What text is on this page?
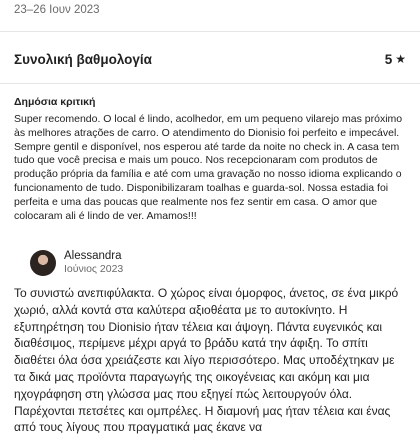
23–26 Ιουν 2023
Συνολική βαθμολογία	5 ★
Δημόσια κριτική

Super recomendo. O local é lindo, acolhedor, em um pequeno vilarejo mas próximo às melhores atrações de carro. O atendimento do Dionisio foi perfeito e impecável. Sempre gentil e disponível, nos esperou até tarde da noite no check in. A casa tem tudo que você precisa e mais um pouco. Nos recepcionaram com produtos de produção própria da família e até com uma gravação no nosso idioma explicando o funcionamento de tudo. Disponibilizaram toalhas e guarda-sol. Nossa estadia foi perfeita e uma das poucas que realmente nos fez sentir em casa. O amor que colocaram ali é lindo de ver. Amamos!!!

Alessandra
Ιούνιος 2023

Το συνιστώ ανεπιφύλακτα. Ο χώρος είναι όμορφος, άνετος, σε ένα μικρό χωριό, αλλά κοντά στα καλύτερα αξιοθέατα με το αυτοκίνητο. Η εξυπηρέτηση του Dionisio ήταν τέλεια και άψογη. Πάντα ευγενικός και διαθέσιμος, περίμενε μέχρι αργά το βράδυ κατά την άφιξη. Το σπίτι διαθέτει όλα όσα χρειάζεστε και λίγο περισσότερο. Μας υποδέχτηκαν με τα δικά μας προϊόντα παραγωγής της οικογένειας και ακόμη και μια ηχογράφηση στη γλώσσα μας που εξηγεί πώς λειτουργούν όλα. Παρέχονται πετσέτες και ομπρέλες. Η διαμονή μας ήταν τέλεια και ένας από τους λίγους που πραγματικά μας έκανε να
